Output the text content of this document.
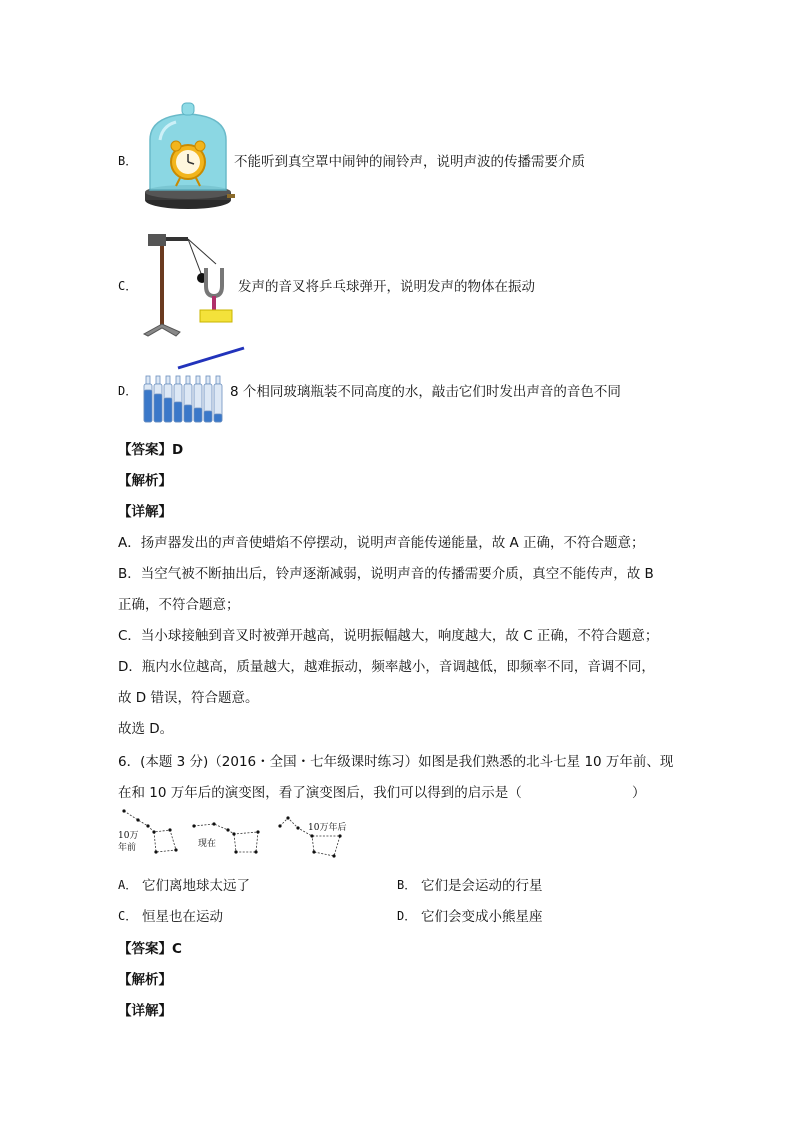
B．	不能听到真空罩中闹钟的闹铃声，说明声波的传播需要介质
C．	发声的音叉将乒乓球弹开，说明发声的物体在振动
D．	8 个相同玻璃瓶装不同高度的水，敲击它们时发出声音的音色不同
【答案】D
【解析】
【详解】
A．扬声器发出的声音使蜡焰不停摆动，说明声音能传递能量，故 A 正确，不符合题意；
B．当空气被不断抽出后，铃声逐渐减弱，说明声音的传播需要介质，真空不能传声，故 B
正确，不符合题意；
C．当小球接触到音叉时被弹开越高，说明振幅越大，响度越大，故 C 正确，不符合题意；
D．瓶内水位越高，质量越大，越难振动，频率越小，音调越低，即频率不同，音调不同，
故 D 错误，符合题意。
故选 D。
6．(本题 3 分)（2016・全国・七年级课时练习）如图是我们熟悉的北斗七星 10 万年前、现
在和 10 万年后的演变图，看了演变图后，我们可以得到的启示是（	）
10万
年前	现在
10万年后
A． 它们离地球太远了	B． 它们是会运动的行星
C． 恒星也在运动	D． 它们会变成小熊星座
【答案】C
【解析】
【详解】
